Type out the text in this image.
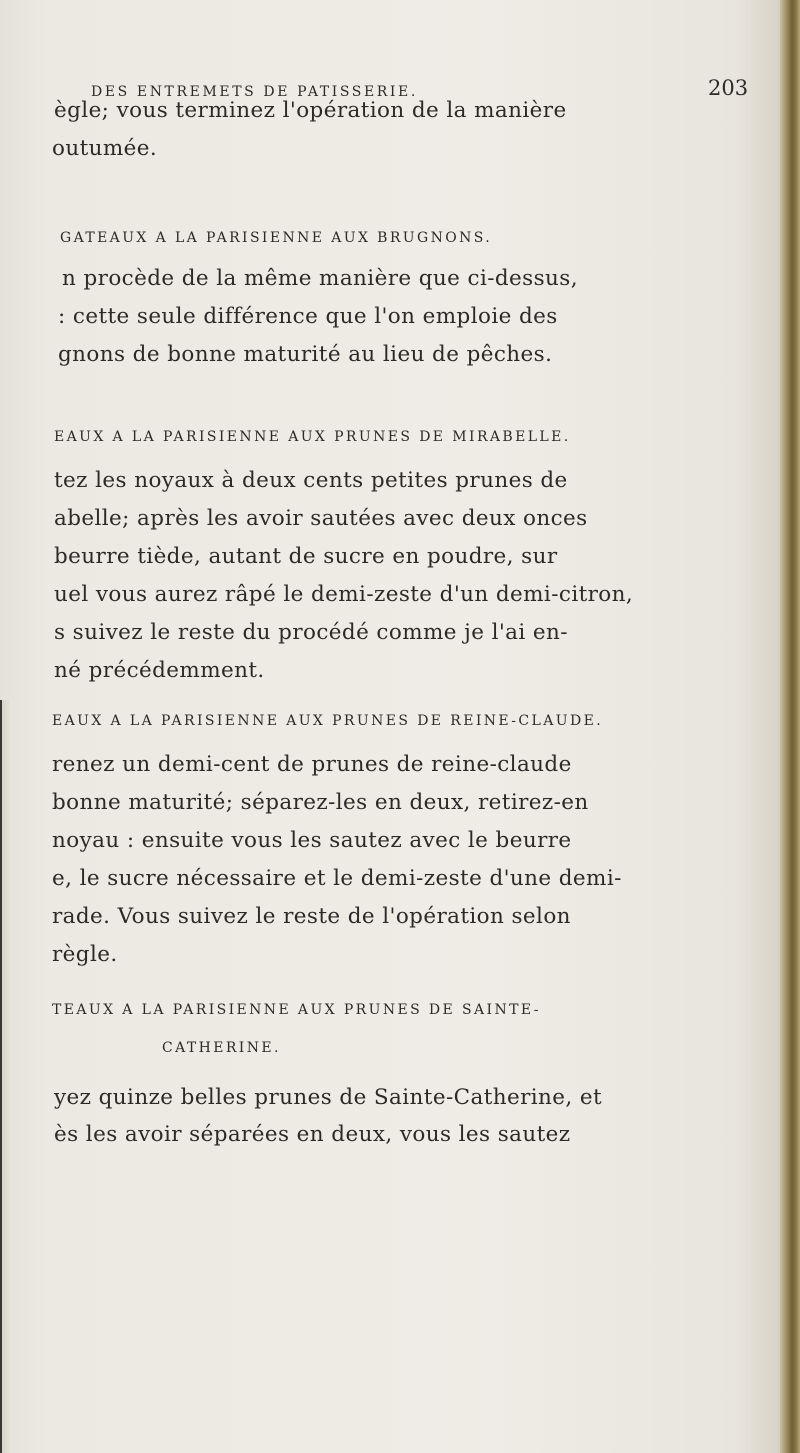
DES ENTREMETS DE PATISSERIE.	203
ègle; vous terminez l'opération de la manière
outumée.
GATEAUX A LA PARISIENNE AUX BRUGNONS.
n procède de la même manière que ci-dessus,
: cette seule différence que l'on emploie des
gnons de bonne maturité au lieu de pêches.
EAUX A LA PARISIENNE AUX PRUNES DE MIRABELLE.
tez les noyaux à deux cents petites prunes de
abelle; après les avoir sautées avec deux onces
beurre tiède, autant de sucre en poudre, sur
uel vous aurez râpé le demi-zeste d'un demi-citron,
s suivez le reste du procédé comme je l'ai en-
né précédemment.
EAUX A LA PARISIENNE AUX PRUNES DE REINE-CLAUDE.
renez un demi-cent de prunes de reine-claude
bonne maturité; séparez-les en deux, retirez-en
noyau : ensuite vous les sautez avec le beurre
e, le sucre nécessaire et le demi-zeste d'une demi-
rade. Vous suivez le reste de l'opération selon
règle.
TEAUX A LA PARISIENNE AUX PRUNES DE SAINTE-
CATHERINE.
yez quinze belles prunes de Sainte-Catherine, et
ès les avoir séparées en deux, vous les sautez
